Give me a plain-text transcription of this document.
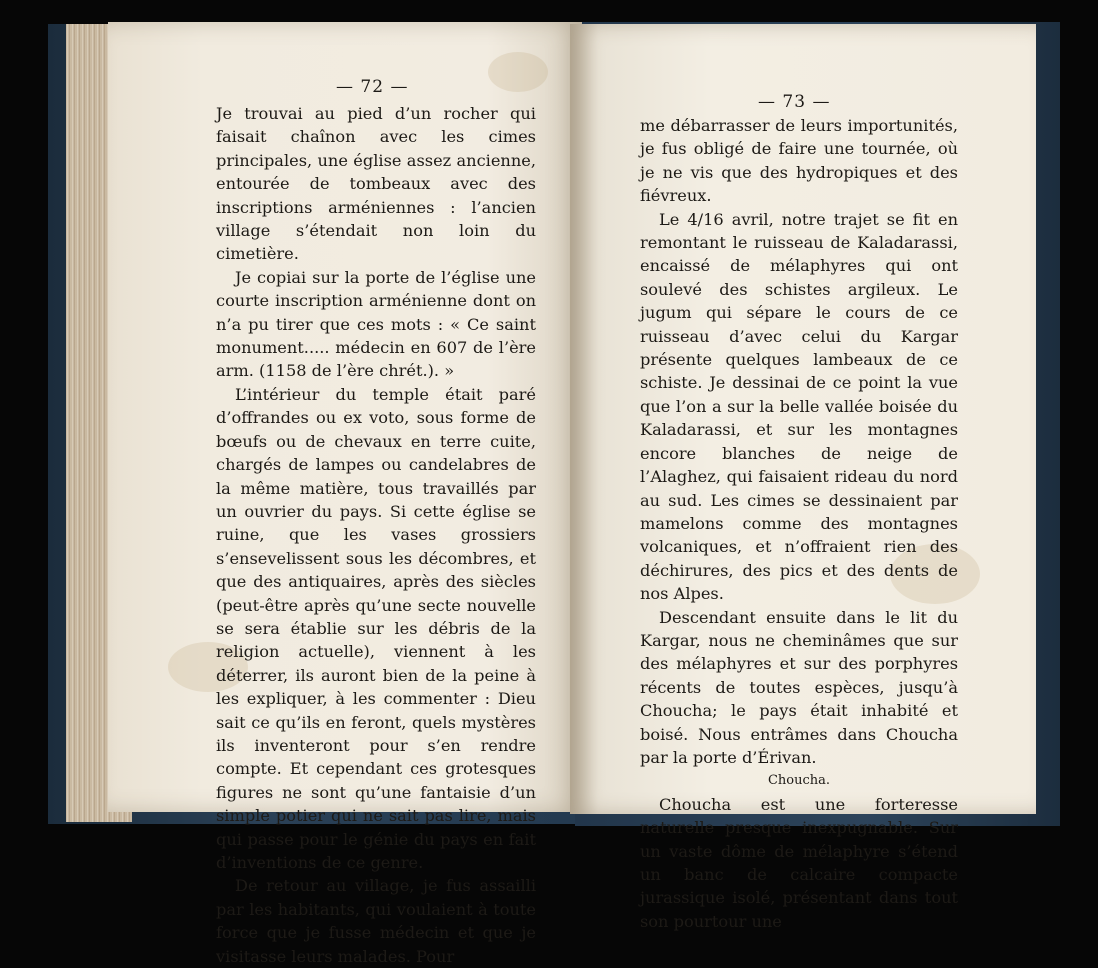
— 72 —

Je trouvai au pied d’un rocher qui faisait chaînon avec les cimes principales, une église assez ancienne, entourée de tombeaux avec des inscriptions arméniennes : l’ancien village s’étendait non loin du cimetière.

Je copiai sur la porte de l’église une courte inscription arménienne dont on n’a pu tirer que ces mots : « Ce saint monument..... médecin en 607 de l’ère arm. (1158 de l’ère chrét.). »

L’intérieur du temple était paré d’offrandes ou ex voto, sous forme de bœufs ou de chevaux en terre cuite, chargés de lampes ou candelabres de la même matière, tous travaillés par un ouvrier du pays. Si cette église se ruine, que les vases grossiers s’ensevelissent sous les décombres, et que des antiquaires, après des siècles (peut-être après qu’une secte nouvelle se sera établie sur les débris de la religion actuelle), viennent à les déterrer, ils auront bien de la peine à les expliquer, à les commenter : Dieu sait ce qu’ils en feront, quels mystères ils inventeront pour s’en rendre compte. Et cependant ces grotesques figures ne sont qu’une fantaisie d’un simple potier qui ne sait pas lire, mais qui passe pour le génie du pays en fait d’inventions de ce genre.

De retour au village, je fus assailli par les habitants, qui voulaient à toute force que je fusse médecin et que je visitasse leurs malades. Pour

— 73 —

me débarrasser de leurs importunités, je fus obligé de faire une tournée, où je ne vis que des hydropiques et des fiévreux.

Le 4/16 avril, notre trajet se fit en remontant le ruisseau de Kaladarassi, encaissé de mélaphyres qui ont soulevé des schistes argileux. Le jugum qui sépare le cours de ce ruisseau d’avec celui du Kargar présente quelques lambeaux de ce schiste. Je dessinai de ce point la vue que l’on a sur la belle vallée boisée du Kaladarassi, et sur les montagnes encore blanches de neige de l’Alaghez, qui faisaient rideau du nord au sud. Les cimes se dessinaient par mamelons comme des montagnes volcaniques, et n’offraient rien des déchirures, des pics et des dents de nos Alpes.

Descendant ensuite dans le lit du Kargar, nous ne cheminâmes que sur des mélaphyres et sur des porphyres récents de toutes espèces, jusqu’à Choucha; le pays était inhabité et boisé. Nous entrâmes dans Choucha par la porte d’Érivan.

Choucha.

Choucha est une forteresse naturelle presque inexpugnable. Sur un vaste dôme de mélaphyre s’étend un banc de calcaire compacte jurassique isolé, présentant dans tout son pourtour une
